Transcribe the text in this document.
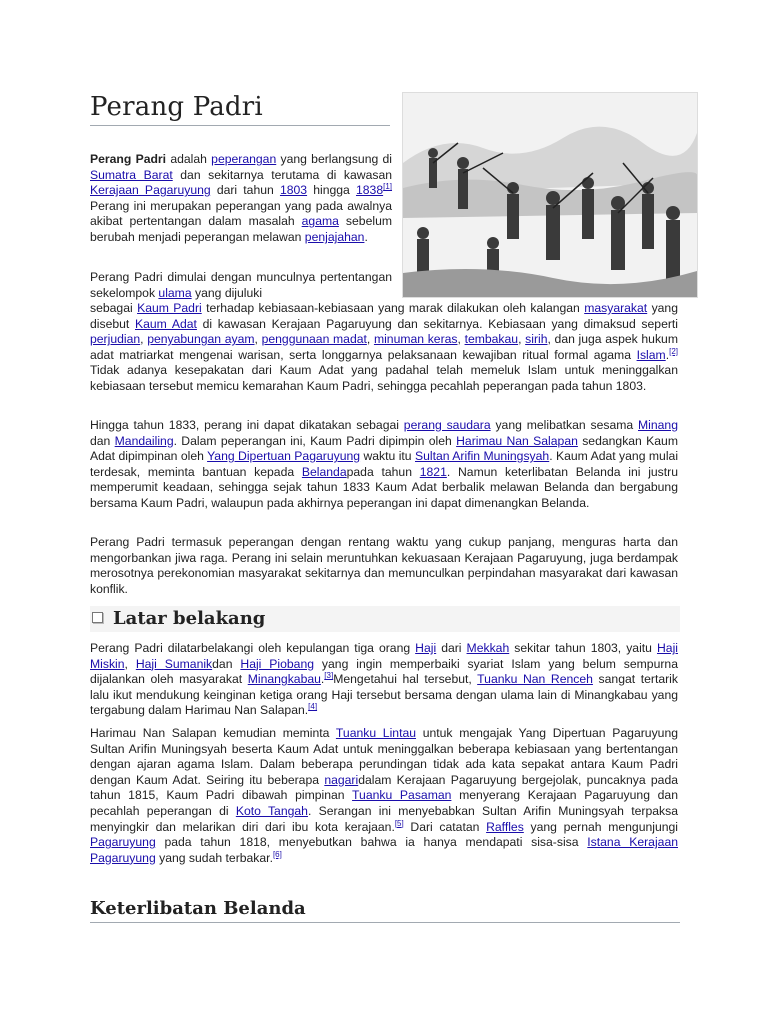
Perang Padri

Perang Padri adalah peperangan yang berlangsung di Sumatra Barat dan sekitarnya terutama di kawasan Kerajaan Pagaruyung dari tahun 1803 hingga 1838[1] Perang ini merupakan peperangan yang pada awalnya akibat pertentangan dalam masalah agama sebelum berubah menjadi peperangan melawan penjajahan.

Perang Padri dimulai dengan munculnya pertentangan sekelompok ulama yang dijuluki

sebagai Kaum Padri terhadap kebiasaan-kebiasaan yang marak dilakukan oleh kalangan masyarakat yang disebut Kaum Adat di kawasan Kerajaan Pagaruyung dan sekitarnya. Kebiasaan yang dimaksud seperti perjudian, penyabungan ayam, penggunaan madat, minuman keras, tembakau, sirih, dan juga aspek hukum adat matriarkat mengenai warisan, serta longgarnya pelaksanaan kewajiban ritual formal agama Islam.[2] Tidak adanya kesepakatan dari Kaum Adat yang padahal telah memeluk Islam untuk meninggalkan kebiasaan tersebut memicu kemarahan Kaum Padri, sehingga pecahlah peperangan pada tahun 1803.

Hingga tahun 1833, perang ini dapat dikatakan sebagai perang saudara yang melibatkan sesama Minang dan Mandailing. Dalam peperangan ini, Kaum Padri dipimpin oleh Harimau Nan Salapan sedangkan Kaum Adat dipimpinan oleh Yang Dipertuan Pagaruyung waktu itu Sultan Arifin Muningsyah. Kaum Adat yang mulai terdesak, meminta bantuan kepada Belandapada tahun 1821. Namun keterlibatan Belanda ini justru memperumit keadaan, sehingga sejak tahun 1833 Kaum Adat berbalik melawan Belanda dan bergabung bersama Kaum Padri, walaupun pada akhirnya peperangan ini dapat dimenangkan Belanda.

Perang Padri termasuk peperangan dengan rentang waktu yang cukup panjang, menguras harta dan mengorbankan jiwa raga. Perang ini selain meruntuhkan kekuasaan Kerajaan Pagaruyung, juga berdampak merosotnya perekonomian masyarakat sekitarnya dan memunculkan perpindahan masyarakat dari kawasan konflik.

Latar belakang

Perang Padri dilatarbelakangi oleh kepulangan tiga orang Haji dari Mekkah sekitar tahun 1803, yaitu Haji Miskin, Haji Sumanikdan Haji Piobang yang ingin memperbaiki syariat Islam yang belum sempurna dijalankan oleh masyarakat Minangkabau.[3]Mengetahui hal tersebut, Tuanku Nan Renceh sangat tertarik lalu ikut mendukung keinginan ketiga orang Haji tersebut bersama dengan ulama lain di Minangkabau yang tergabung dalam Harimau Nan Salapan.[4]

Harimau Nan Salapan kemudian meminta Tuanku Lintau untuk mengajak Yang Dipertuan Pagaruyung Sultan Arifin Muningsyah beserta Kaum Adat untuk meninggalkan beberapa kebiasaan yang bertentangan dengan ajaran agama Islam. Dalam beberapa perundingan tidak ada kata sepakat antara Kaum Padri dengan Kaum Adat. Seiring itu beberapa nagaridalam Kerajaan Pagaruyung bergejolak, puncaknya pada tahun 1815, Kaum Padri dibawah pimpinan Tuanku Pasaman menyerang Kerajaan Pagaruyung dan pecahlah peperangan di Koto Tangah. Serangan ini menyebabkan Sultan Arifin Muningsyah terpaksa menyingkir dan melarikan diri dari ibu kota kerajaan.[5] Dari catatan Raffles yang pernah mengunjungi Pagaruyung pada tahun 1818, menyebutkan bahwa ia hanya mendapati sisa-sisa Istana Kerajaan Pagaruyung yang sudah terbakar.[6]

Keterlibatan Belanda
